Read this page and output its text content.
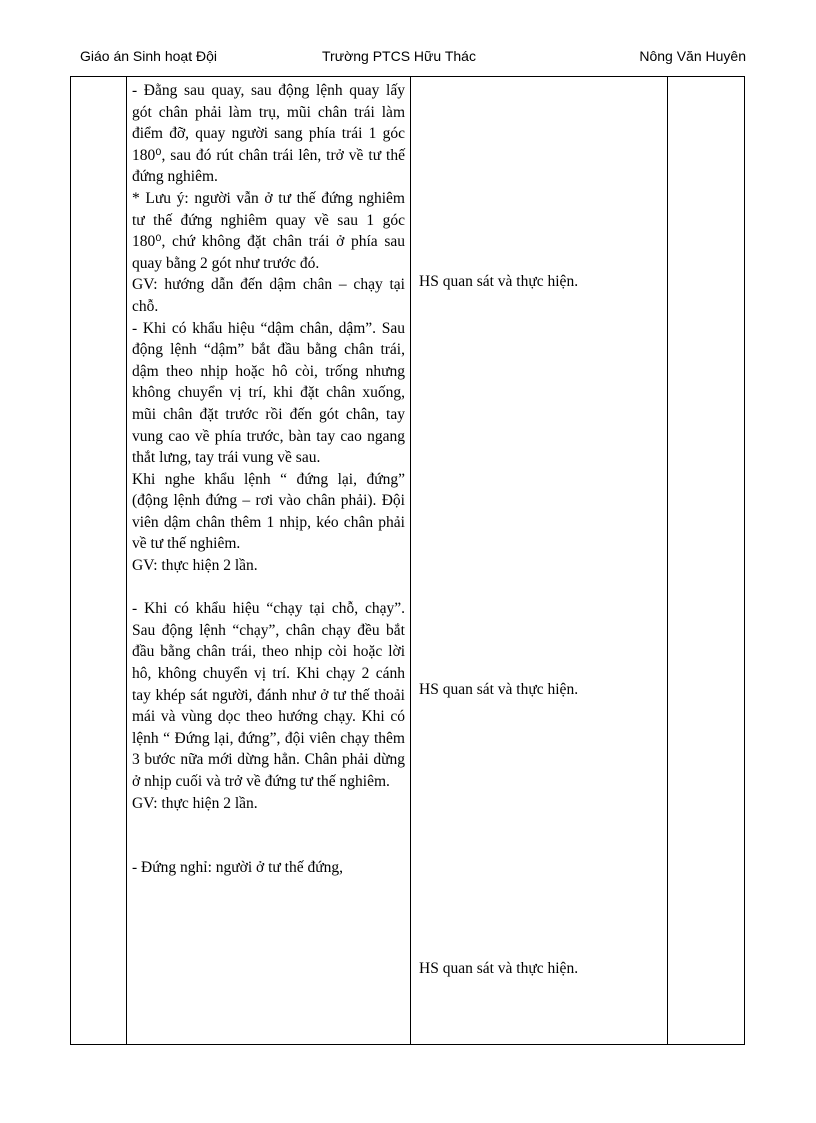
Giáo án Sinh hoạt Đội	Trường PTCS Hữu Thác	Nông Văn Huyên

- Đằng sau quay, sau động lệnh quay lấy gót chân phải làm trụ, mũi chân trái làm điểm đỡ, quay người sang phía trái 1 góc 180⁰, sau đó rút chân trái lên, trở về tư thế đứng nghiêm.

* Lưu ý: người vẫn ở tư thế đứng nghiêm tư thế đứng nghiêm quay về sau 1 góc 180⁰, chứ không đặt chân trái ở phía sau quay bằng 2 gót như trước đó.

GV: hướng dẫn đến dậm chân – chạy tại chỗ.

- Khi có khẩu hiệu “dậm chân, dậm”. Sau động lệnh “dậm” bắt đầu bằng chân trái, dậm theo nhịp hoặc hô còi, trống nhưng không chuyển vị trí, khi đặt chân xuống, mũi chân đặt trước rồi đến gót chân, tay vung cao về phía trước, bàn tay cao ngang thắt lưng, tay trái vung về sau.

Khi nghe khẩu lệnh “ đứng lại, đứng” (động lệnh đứng – rơi vào chân phải). Đội viên dậm chân thêm 1 nhịp, kéo chân phải về tư thế nghiêm.

GV: thực hiện 2 lần.

- Khi có khẩu hiệu “chạy tại chỗ, chạy”. Sau động lệnh “chạy”, chân chạy đều bắt đầu bằng chân trái, theo nhịp còi hoặc lời hô, không chuyển vị trí. Khi chạy 2 cánh tay khép sát người, đánh như ở tư thế thoải mái và vùng dọc theo hướng chạy. Khi có lệnh “ Đứng lại, đứng”, đội viên chạy thêm 3 bước nữa mới dừng hẳn. Chân phải dừng ở nhịp cuối và trở về đứng tư thế nghiêm.

GV: thực hiện 2 lần.

- Đứng nghỉ: người ở tư thế đứng,

HS quan sát và thực hiện.
HS quan sát và thực hiện.
HS quan sát và thực hiện.
